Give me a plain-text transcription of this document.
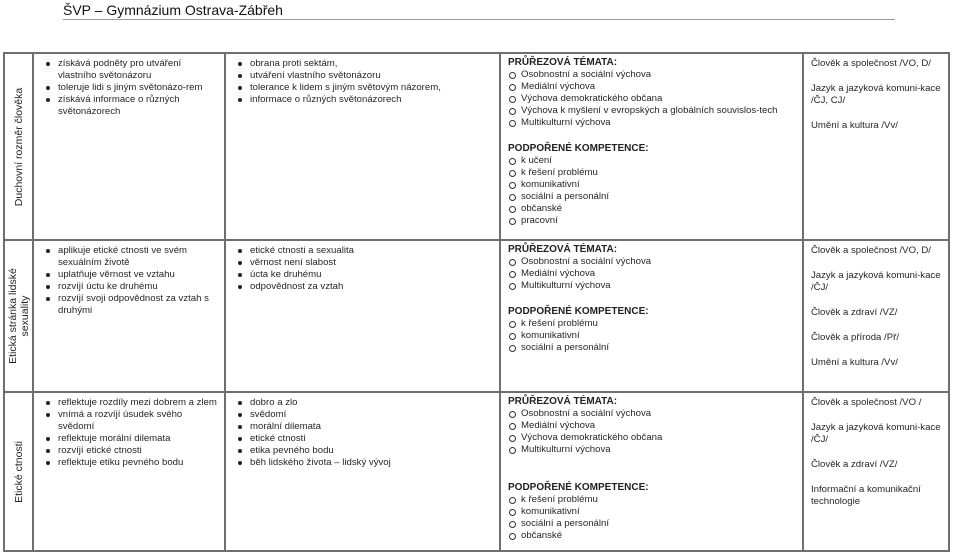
ŠVP – Gymnázium Ostrava-Zábřeh
Duchovní rozměr člověka
získává podněty pro utváření vlastního světonázoru
toleruje lidi s jiným světonázo-rem
získává informace o různých světonázorech
obrana proti sektám,
utváření vlastního světonázoru
tolerance k lidem s jiným světovým názorem,
informace o různých světonázorech
PRŮŘEZOVÁ TÉMATA:
Osobnostní a sociální výchova
Mediální výchova
Výchova demokratického občana
Výchova k myšlení v evropských a globálních souvislos-tech
Multikulturní výchova
PODPOŘENÉ KOMPETENCE:
k učení
k řešení problému
komunikativní
sociální a personální
občanské
pracovní
Člověk a společnost /VO, D/
Jazyk a jazyková komuni-kace /ČJ, CJ/
Umění a kultura /Vv/
Etická stránka lidské sexuality
aplikuje etické ctnosti ve svém sexuálním životě
uplatňuje věrnost ve vztahu
rozvíjí úctu ke druhému
rozvíjí svoji odpovědnost za vztah s druhými
etické ctnosti a sexualita
věrnost není slabost
úcta ke druhému
odpovědnost za vztah
PRŮŘEZOVÁ TÉMATA:
Osobnostní a sociální výchova
Mediální výchova
Multikulturní výchova
PODPOŘENÉ KOMPETENCE:
k řešení problému
komunikativní
sociální a personální
Člověk a společnost /VO, D/
Jazyk a jazyková komuni-kace /ČJ/
Člověk a zdraví /VZ/
Člověk a příroda /Př/
Umění a kultura /Vv/
Etické ctnosti
reflektuje rozdíly mezi dobrem a zlem
vnímá a rozvíjí úsudek svého svědomí
reflektuje morální dilemata
rozvíjí etické ctnosti
reflektuje etiku pevného bodu
dobro a zlo
svědomí
morální dilemata
etické ctnosti
etika pevného bodu
běh lidského života – lidský vývoj
PRŮŘEZOVÁ TÉMATA:
Osobnostní a sociální výchova
Mediální výchova
Výchova demokratického občana
Multikulturní výchova
PODPOŘENÉ KOMPETENCE:
k řešení problému
komunikativní
sociální a personální
občanské
Člověk a společnost /VO /
Jazyk a jazyková komuni-kace /ČJ/
Člověk a zdraví /VZ/
Informační a komunikační technologie
